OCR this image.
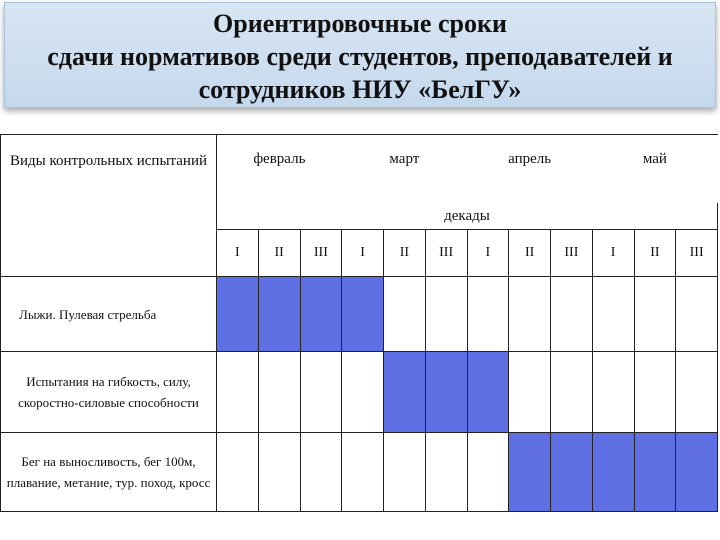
Ориентировочные сроки
сдачи нормативов среди студентов, преподавателей и
сотрудников НИУ «БелГУ»
Виды контрольных испытаний	февраль			март			апрель			май		
	декады											
	I	II	III	I	II	III	I	II	III	I	II	III
Лыжи. Пулевая стрельба												
Испытания на гибкость, силу, скоростно-силовые способности												
Бег на выносливость, бег 100м, плавание, метание, тур. поход, кросс												
